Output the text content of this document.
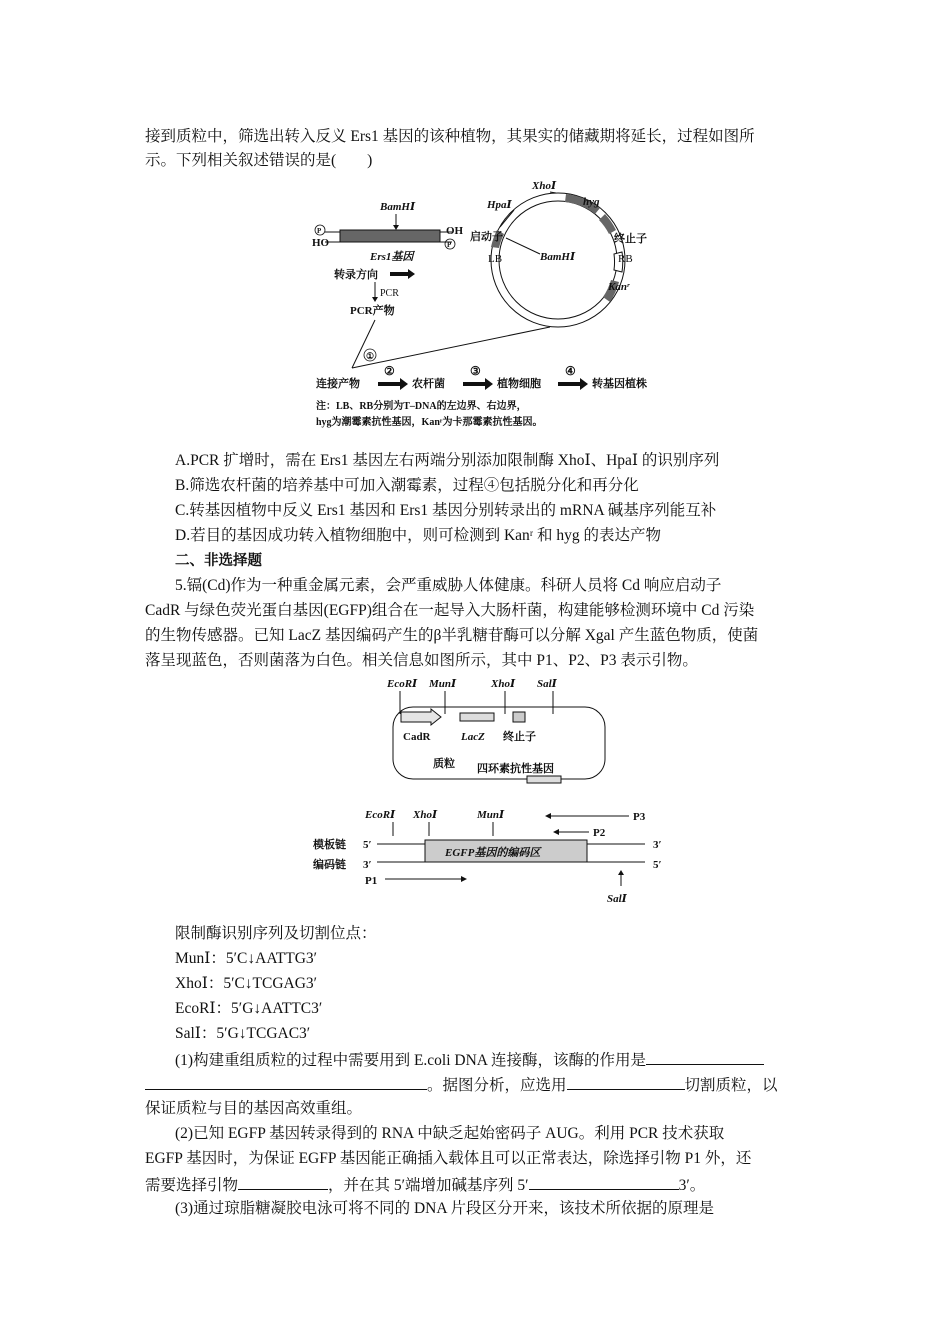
接到质粒中，筛选出转入反义 Ers1 基因的该种植物，其果实的储藏期将延长，过程如图所
示。下列相关叙述错误的是(　　)
BamHⅠ
P
HO
OH
P
Ers1基因
转录方向
PCR
PCR产物
XhoⅠ
HpaⅠ	hyg
启动子	终止子
LB	BamHⅠ	RB
Kanʳ
①
连接产物
②
农杆菌
③
植物细胞
④
转基因植株
注：LB、RB分别为T–DNA的左边界、右边界，
hyg为潮霉素抗性基因，Kanʳ为卡那霉素抗性基因。
A.PCR 扩增时，需在 Ers1 基因左右两端分别添加限制酶 XhoⅠ、HpaⅠ 的识别序列
B.筛选农杆菌的培养基中可加入潮霉素，过程④包括脱分化和再分化
C.转基因植物中反义 Ers1 基因和 Ers1 基因分别转录出的 mRNA 碱基序列能互补
D.若目的基因成功转入植物细胞中，则可检测到 Kanʳ 和 hyg 的表达产物
二、非选择题
5.镉(Cd)作为一种重金属元素，会严重威胁人体健康。科研人员将 Cd 响应启动子
CadR 与绿色荧光蛋白基因(EGFP)组合在一起导入大肠杆菌，构建能够检测环境中 Cd 污染
的生物传感器。已知 LacZ 基因编码产生的β半乳糖苷酶可以分解 Xgal 产生蓝色物质，使菌
落呈现蓝色，否则菌落为白色。相关信息如图所示，其中 P1、P2、P3 表示引物。
EcoRⅠ MunⅠ	XhoⅠ SalⅠ
CadR	LacZ 终止子
质粒 四环素抗性基因
EcoRⅠ XhoⅠ	MunⅠ	P3
P2
模板链 5′	3′
EGFP基因的编码区
编码链 3′	5′
P1
SalⅠ
限制酶识别序列及切割位点：
MunⅠ：5′C↓AATTG3′
XhoⅠ：5′C↓TCGAG3′
EcoRⅠ：5′G↓AATTC3′
SalⅠ：5′G↓TCGAC3′
(1)构建重组质粒的过程中需要用到 E.coli DNA 连接酶，该酶的作用是
。据图分析，应选用	切割质粒，以
保证质粒与目的基因高效重组。
(2)已知 EGFP 基因转录得到的 RNA 中缺乏起始密码子 AUG。利用 PCR 技术获取
EGFP 基因时，为保证 EGFP 基因能正确插入载体且可以正常表达，除选择引物 P1 外，还
需要选择引物	，并在其 5′端增加碱基序列 5′	3′。
(3)通过琼脂糖凝胶电泳可将不同的 DNA 片段区分开来，该技术所依据的原理是
